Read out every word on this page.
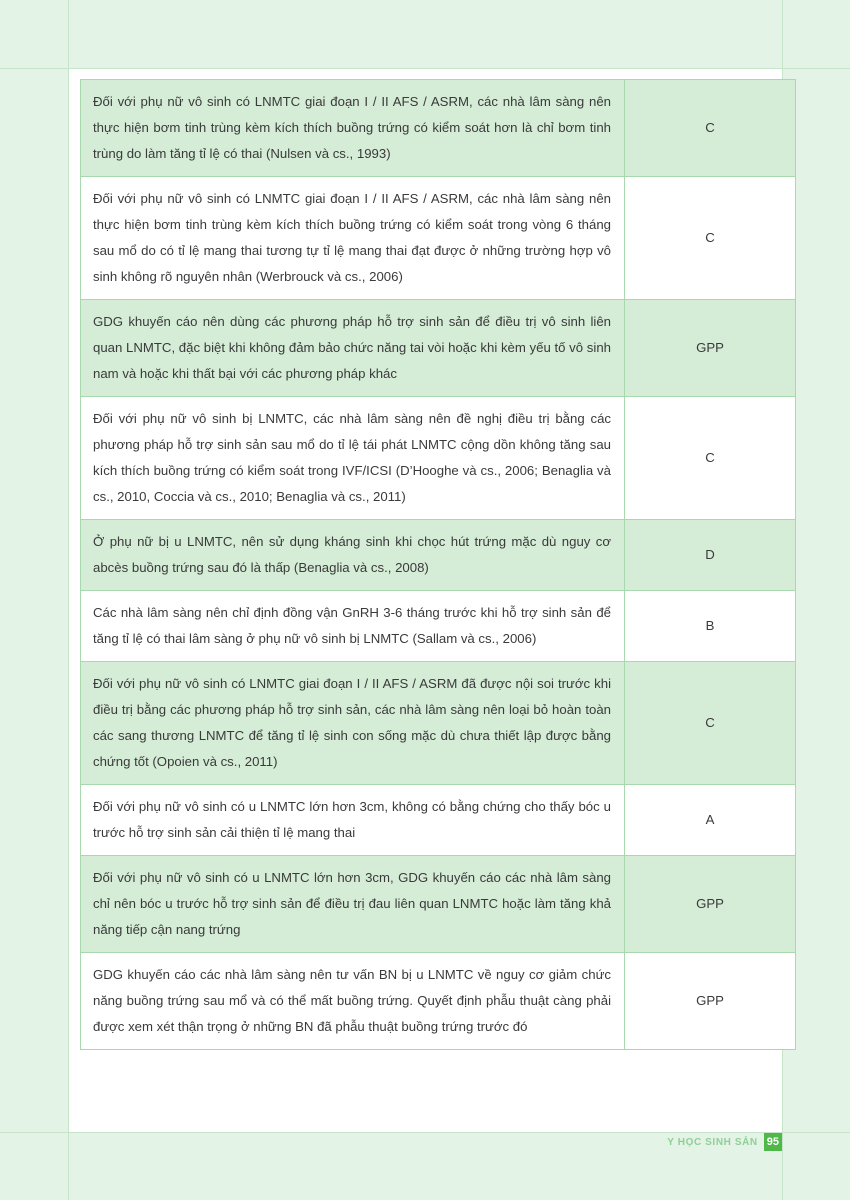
Đối với phụ nữ vô sinh có LNMTC giai đoạn I / II AFS / ASRM, các nhà lâm sàng nên thực hiện bơm tinh trùng kèm kích thích buồng trứng có kiểm soát hơn là chỉ bơm tinh trùng do làm tăng tỉ lệ có thai (Nulsen và cs., 1993)	C
Đối với phụ nữ vô sinh có LNMTC giai đoạn I / II AFS / ASRM, các nhà lâm sàng nên thực hiện bơm tinh trùng kèm kích thích buồng trứng có kiểm soát trong vòng 6 tháng sau mổ do có tỉ lệ mang thai tương tự tỉ lệ mang thai đạt được ở những trường hợp vô sinh không rõ nguyên nhân (Werbrouck và cs., 2006)	C
GDG khuyến cáo nên dùng các phương pháp hỗ trợ sinh sản để điều trị vô sinh liên quan LNMTC, đặc biệt khi không đảm bảo chức năng tai vòi hoặc khi kèm yếu tố vô sinh nam và hoặc khi thất bại với các phương pháp khác	GPP
Đối với phụ nữ vô sinh bị LNMTC, các nhà lâm sàng nên đề nghị điều trị bằng các phương pháp hỗ trợ sinh sản sau mổ do tỉ lệ tái phát LNMTC cộng dồn không tăng sau kích thích buồng trứng có kiểm soát trong IVF/ICSI (D’Hooghe và cs., 2006; Benaglia và cs., 2010, Coccia và cs., 2010; Benaglia và cs., 2011)	C
Ở phụ nữ bị u LNMTC, nên sử dụng kháng sinh khi chọc hút trứng mặc dù nguy cơ abcès buồng trứng sau đó là thấp (Benaglia và cs., 2008)	D
Các nhà lâm sàng nên chỉ định đồng vận GnRH 3-6 tháng trước khi hỗ trợ sinh sản để tăng tỉ lệ có thai lâm sàng ở phụ nữ vô sinh bị LNMTC (Sallam và cs., 2006)	B
Đối với phụ nữ vô sinh có LNMTC giai đoạn I / II AFS / ASRM đã được nội soi trước khi điều trị bằng các phương pháp hỗ trợ sinh sản, các nhà lâm sàng nên loại bỏ hoàn toàn các sang thương LNMTC để tăng tỉ lệ sinh con sống mặc dù chưa thiết lập được bằng chứng tốt (Opoien và cs., 2011)	C
Đối với phụ nữ vô sinh có u LNMTC lớn hơn 3cm, không có bằng chứng cho thấy bóc u trước hỗ trợ sinh sản cải thiện tỉ lệ mang thai	A
Đối với phụ nữ vô sinh có u LNMTC lớn hơn 3cm, GDG khuyến cáo các nhà lâm sàng chỉ nên bóc u trước hỗ trợ sinh sản để điều trị đau liên quan LNMTC hoặc làm tăng khả năng tiếp cận nang trứng	GPP
GDG khuyến cáo các nhà lâm sàng nên tư vấn BN bị u LNMTC về nguy cơ giảm chức năng buồng trứng sau mổ và có thể mất buồng trứng. Quyết định phẫu thuật càng phải được xem xét thận trọng ở những BN đã phẫu thuật buồng trứng trước đó	GPP
Y HỌC SINH SẢN 95
